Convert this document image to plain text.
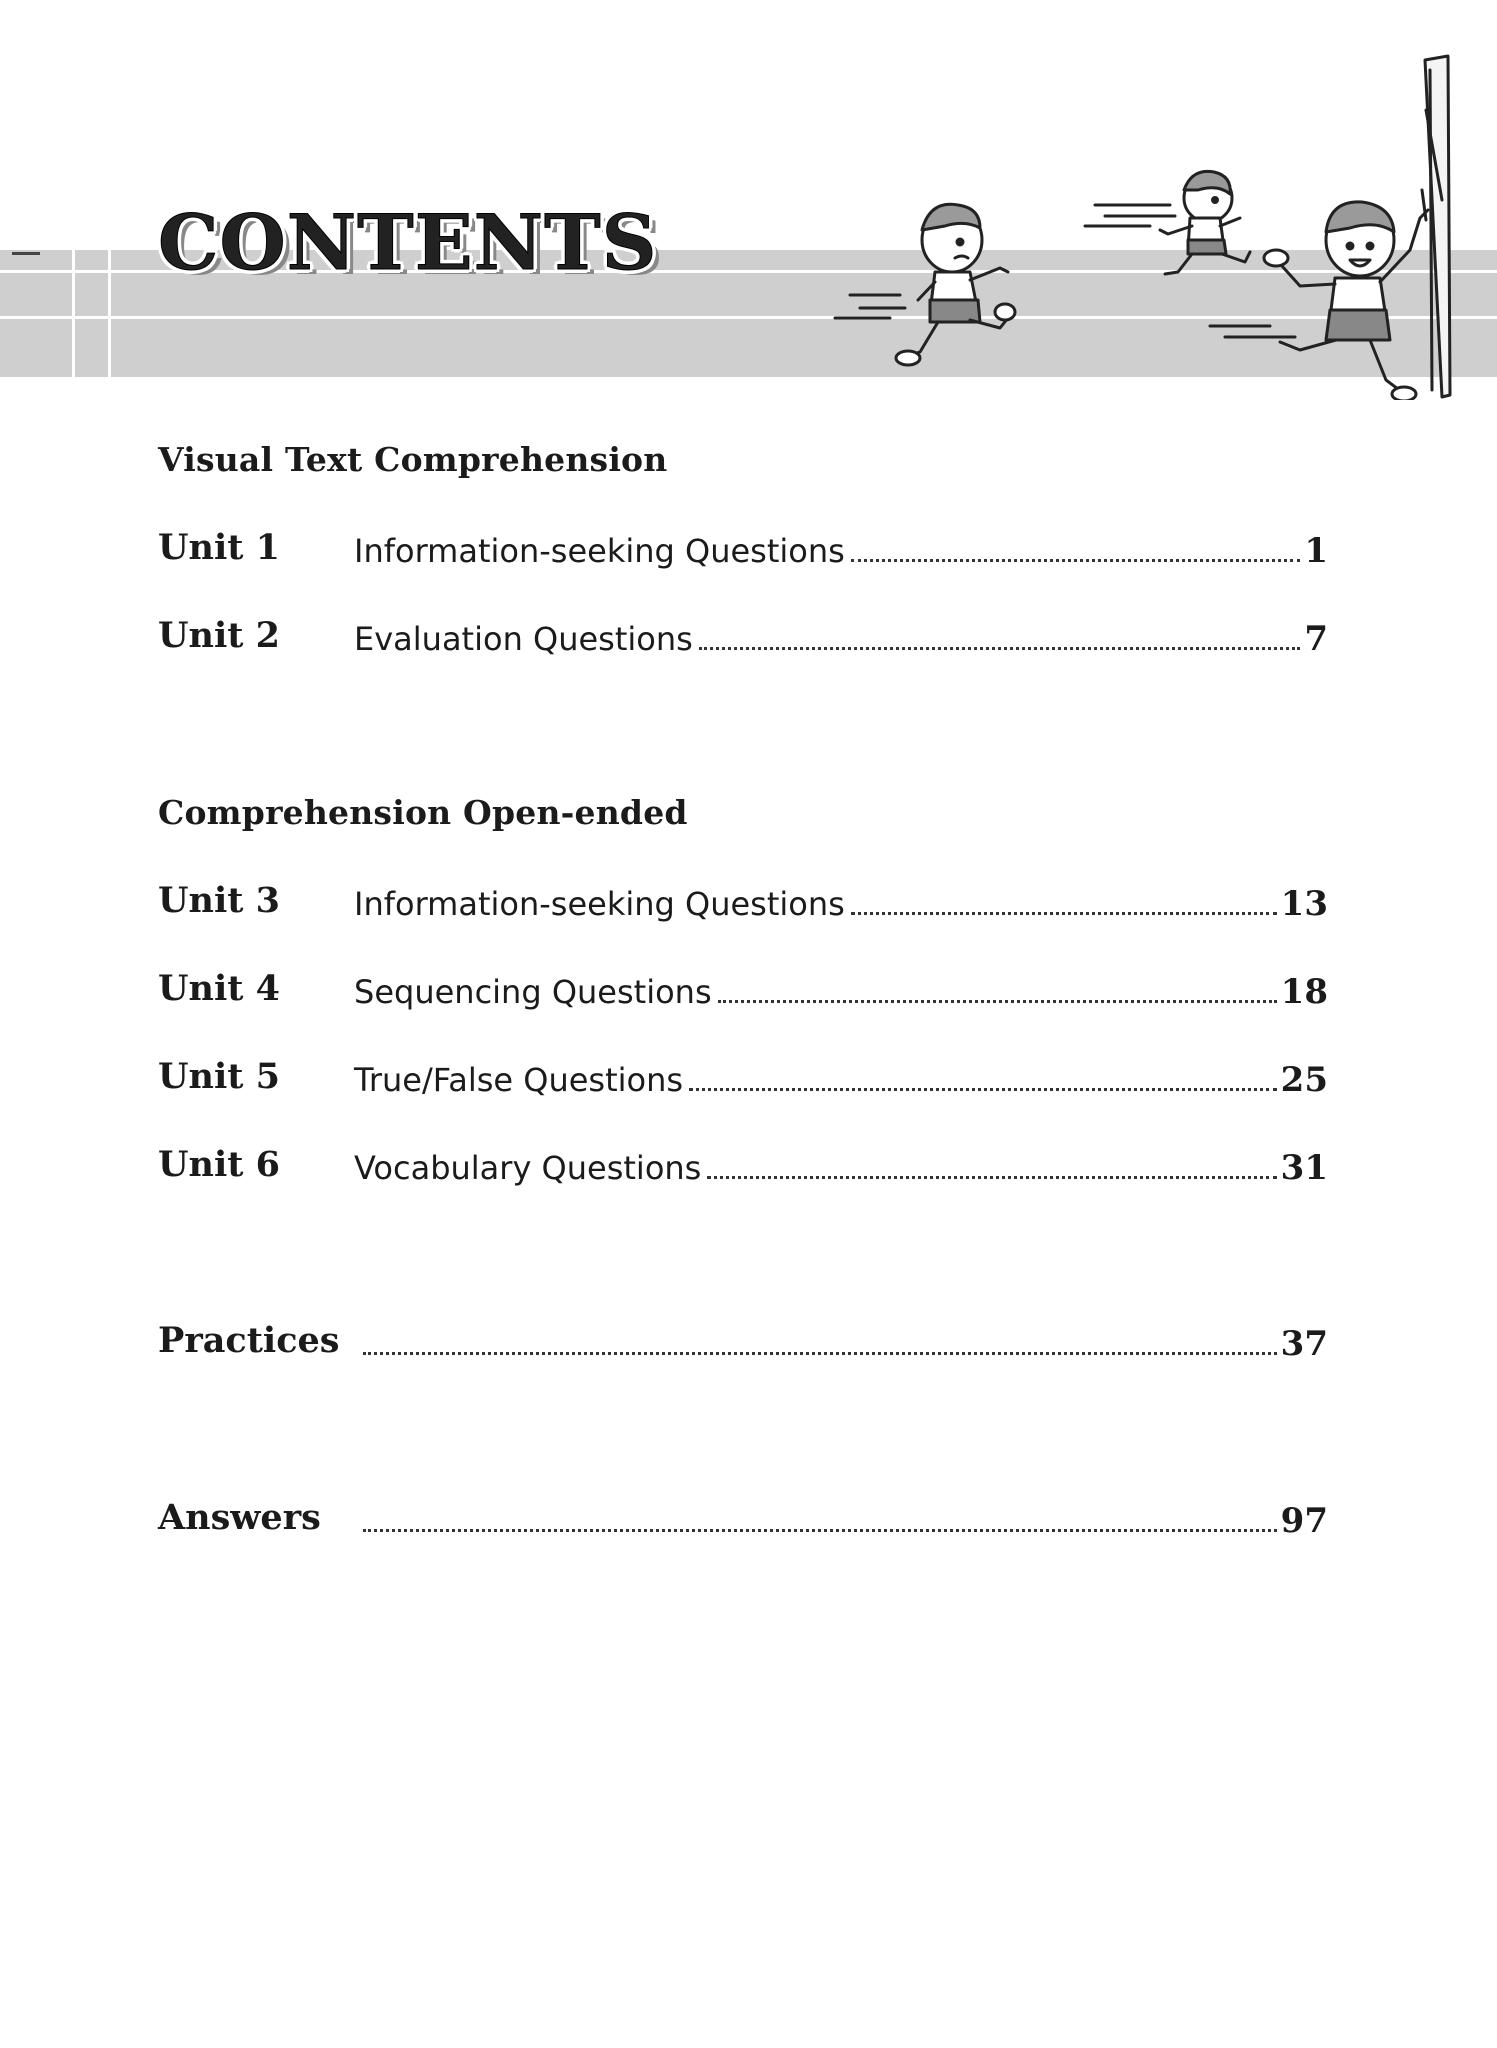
CONTENTS
Visual Text Comprehension
Unit 1 Information-seeking Questions	1
Unit 2 Evaluation Questions	7
Comprehension Open-ended
Unit 3 Information-seeking Questions	13
Unit 4 Sequencing Questions	18
Unit 5 True/False Questions	25
Unit 6 Vocabulary Questions	31
Practices	37
Answers	97
